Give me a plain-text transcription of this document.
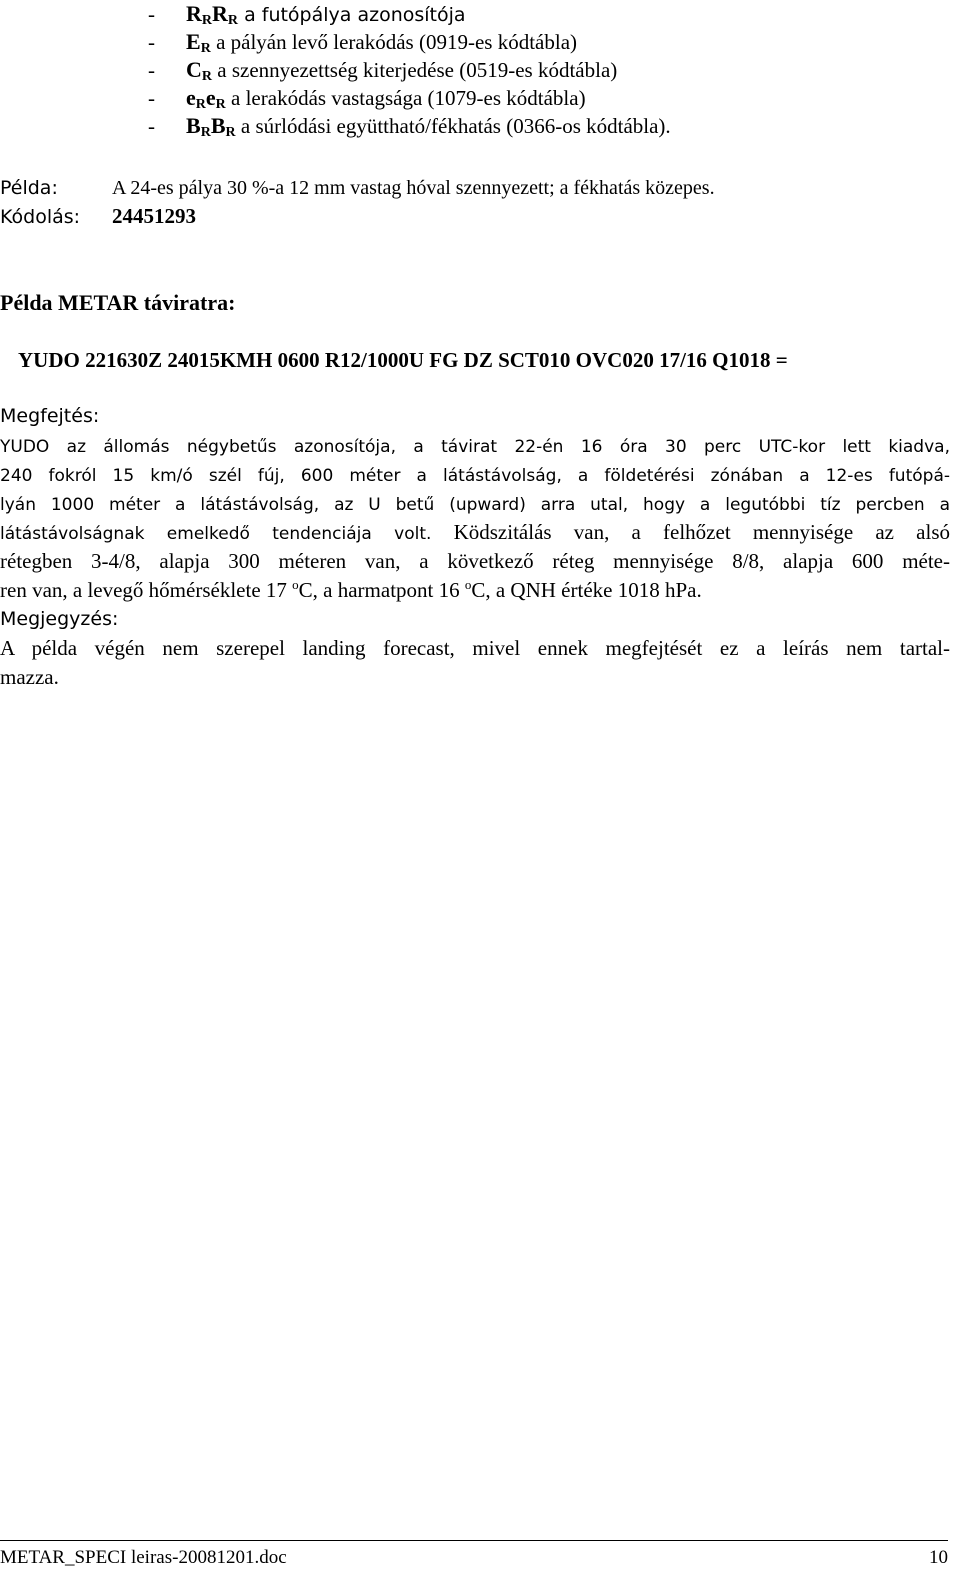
- $R_RR_R$ a futópálya azonosítója
- $E_R$ a pályán levő lerakódás (0919-es kódtábla)
- $C_R$ a szennyezettség kiterjedése (0519-es kódtábla)
- $e_Re_R$ a lerakódás vastagsága (1079-es kódtábla)
- $B_RB_R$ a súrlódási együttható/fékhatás (0366-os kódtábla).
Példa:	A 24-es pálya 30 %-a 12 mm vastag hóval szennyezett; a fékhatás közepes.
Kódolás: 24451293
Példa METAR táviratra:
YUDO 221630Z 24015KMH 0600 R12/1000U FG DZ SCT010 OVC020 17/16 Q1018 =
Megfejtés:
YUDO az állomás négybetűs azonosítója, a távirat 22-én 16 óra 30 perc UTC-kor lett kiadva,
240 fokról 15 km/ó szél fúj, 600 méter a látástávolság, a földetérési zónában a 12-es futópá-
lyán 1000 méter a látástávolság, az U betű (upward) arra utal, hogy a legutóbbi tíz percben a
látástávolságnak emelkedő tendenciája volt. Ködszitálás van, a felhőzet mennyisége az alsó
rétegben 3-4/8, alapja 300 méteren van, a következő réteg mennyisége 8/8, alapja 600 méte-
ren van, a levegő hőmérséklete 17 $^o$C, a harmatpont 16 $^o$C, a QNH értéke 1018 hPa.
Megjegyzés:
A példa végén nem szerepel landing forecast, mivel ennek megfejtését ez a leírás nem tartal-
mazza.
METAR_SPECI leiras-20081201.doc	10
